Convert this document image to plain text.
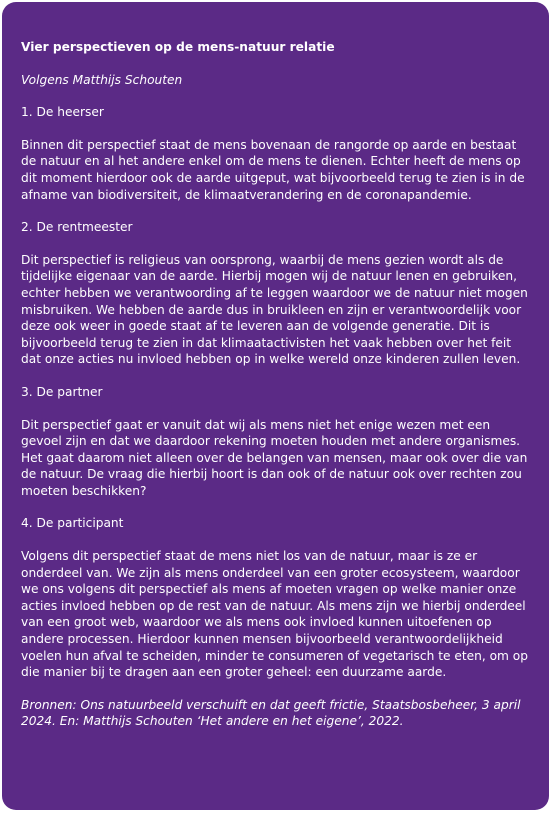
Vier perspectieven op de mens-natuur relatie

Volgens Matthijs Schouten

1. De heerser

Binnen dit perspectief staat de mens bovenaan de rangorde op aarde en bestaat de natuur en al het andere enkel om de mens te dienen. Echter heeft de mens op dit moment hierdoor ook de aarde uitgeput, wat bijvoorbeeld terug te zien is in de afname van biodiversiteit, de klimaatverandering en de coronapandemie.

2. De rentmeester

Dit perspectief is religieus van oorsprong, waarbij de mens gezien wordt als de tijdelijke eigenaar van de aarde. Hierbij mogen wij de natuur lenen en gebruiken, echter hebben we verantwoording af te leggen waardoor we de natuur niet mogen misbruiken. We hebben de aarde dus in bruikleen en zijn er verantwoordelijk voor deze ook weer in goede staat af te leveren aan de volgende generatie. Dit is bijvoorbeeld terug te zien in dat klimaatactivisten het vaak hebben over het feit dat onze acties nu invloed hebben op in welke wereld onze kinderen zullen leven.

3. De partner

Dit perspectief gaat er vanuit dat wij als mens niet het enige wezen met een gevoel zijn en dat we daardoor rekening moeten houden met andere organismes. Het gaat daarom niet alleen over de belangen van mensen, maar ook over die van de natuur. De vraag die hierbij hoort is dan ook of de natuur ook over rechten zou moeten beschikken?

4. De participant

Volgens dit perspectief staat de mens niet los van de natuur, maar is ze er onderdeel van. We zijn als mens onderdeel van een groter ecosysteem, waardoor we ons volgens dit perspectief als mens af moeten vragen op welke manier onze acties invloed hebben op de rest van de natuur. Als mens zijn we hierbij onderdeel van een groot web, waardoor we als mens ook invloed kunnen uitoefenen op andere processen. Hierdoor kunnen mensen bijvoorbeeld verantwoordelijkheid voelen hun afval te scheiden, minder te consumeren of vegetarisch te eten, om op die manier bij te dragen aan een groter geheel: een duurzame aarde.

Bronnen: Ons natuurbeeld verschuift en dat geeft frictie, Staatsbosbeheer, 3 april 2024. En: Matthijs Schouten ‘Het andere en het eigene’, 2022.
